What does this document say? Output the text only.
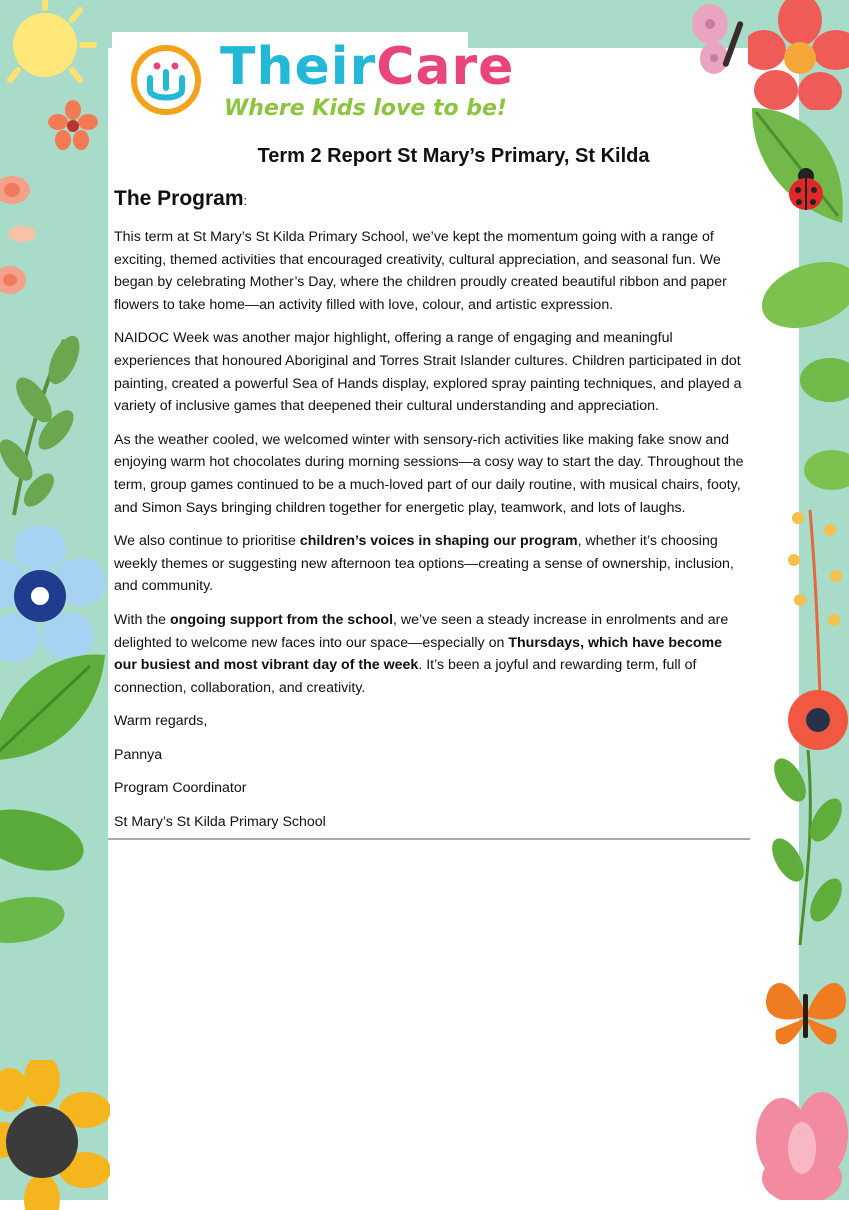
TheirCare
Where Kids love to be!
Term 2 Report St Mary’s Primary, St Kilda
The Program:

This term at St Mary’s St Kilda Primary School, we’ve kept the momentum going with a range of exciting, themed activities that encouraged creativity, cultural appreciation, and seasonal fun. We began by celebrating Mother’s Day, where the children proudly created beautiful ribbon and paper flowers to take home—an activity filled with love, colour, and artistic expression.

NAIDOC Week was another major highlight, offering a range of engaging and meaningful experiences that honoured Aboriginal and Torres Strait Islander cultures. Children participated in dot painting, created a powerful Sea of Hands display, explored spray painting techniques, and played a variety of inclusive games that deepened their cultural understanding and appreciation.

As the weather cooled, we welcomed winter with sensory-rich activities like making fake snow and enjoying warm hot chocolates during morning sessions—a cosy way to start the day. Throughout the term, group games continued to be a much-loved part of our daily routine, with musical chairs, footy, and Simon Says bringing children together for energetic play, teamwork, and lots of laughs.

We also continue to prioritise children’s voices in shaping our program, whether it’s choosing weekly themes or suggesting new afternoon tea options—creating a sense of ownership, inclusion, and community.

With the ongoing support from the school, we’ve seen a steady increase in enrolments and are delighted to welcome new faces into our space—especially on Thursdays, which have become our busiest and most vibrant day of the week. It’s been a joyful and rewarding term, full of connection, collaboration, and creativity.

Warm regards,

Pannya

Program Coordinator

St Mary’s St Kilda Primary School
